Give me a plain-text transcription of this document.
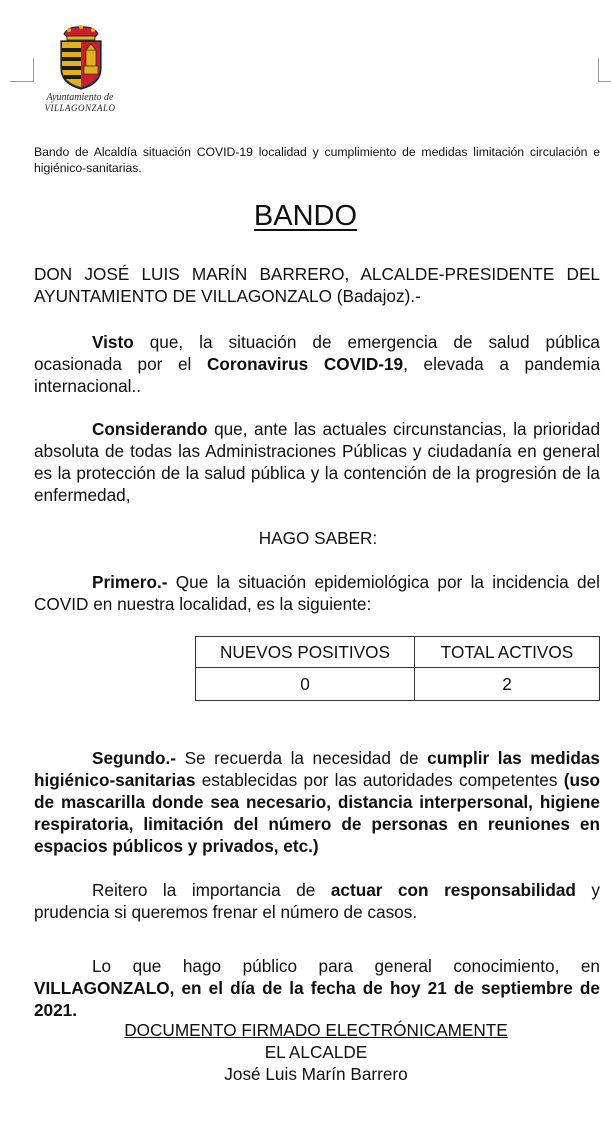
Ayuntamiento de
VILLAGONZALO
Bando de Alcaldía situación COVID-19 localidad y cumplimiento de medidas limitación circulación e higiénico-sanitarias.
BANDO
DON JOSÉ LUIS MARÍN BARRERO, ALCALDE-PRESIDENTE DEL AYUNTAMIENTO DE VILLAGONZALO (Badajoz).-
Visto que, la situación de emergencia de salud pública ocasionada por el Coronavirus COVID-19, elevada a pandemia internacional..
Considerando que, ante las actuales circunstancias, la prioridad absoluta de todas las Administraciones Públicas y ciudadanía en general es la protección de la salud pública y la contención de la progresión de la enfermedad,
HAGO SABER:
Primero.- Que la situación epidemiológica por la incidencia del COVID en nuestra localidad, es la siguiente:
NUEVOS POSITIVOS	TOTAL ACTIVOS
0	2
Segundo.- Se recuerda la necesidad de cumplir las medidas higiénico-sanitarias establecidas por las autoridades competentes (uso de mascarilla donde sea necesario, distancia interpersonal, higiene respiratoria, limitación del número de personas en reuniones en espacios públicos y privados, etc.)
Reitero la importancia de actuar con responsabilidad y prudencia si queremos frenar el número de casos.
Lo que hago público para general conocimiento, en VILLAGONZALO, en el día de la fecha de hoy 21 de septiembre de 2021.
DOCUMENTO FIRMADO ELECTRÓNICAMENTE
EL ALCALDE
José Luis Marín Barrero
